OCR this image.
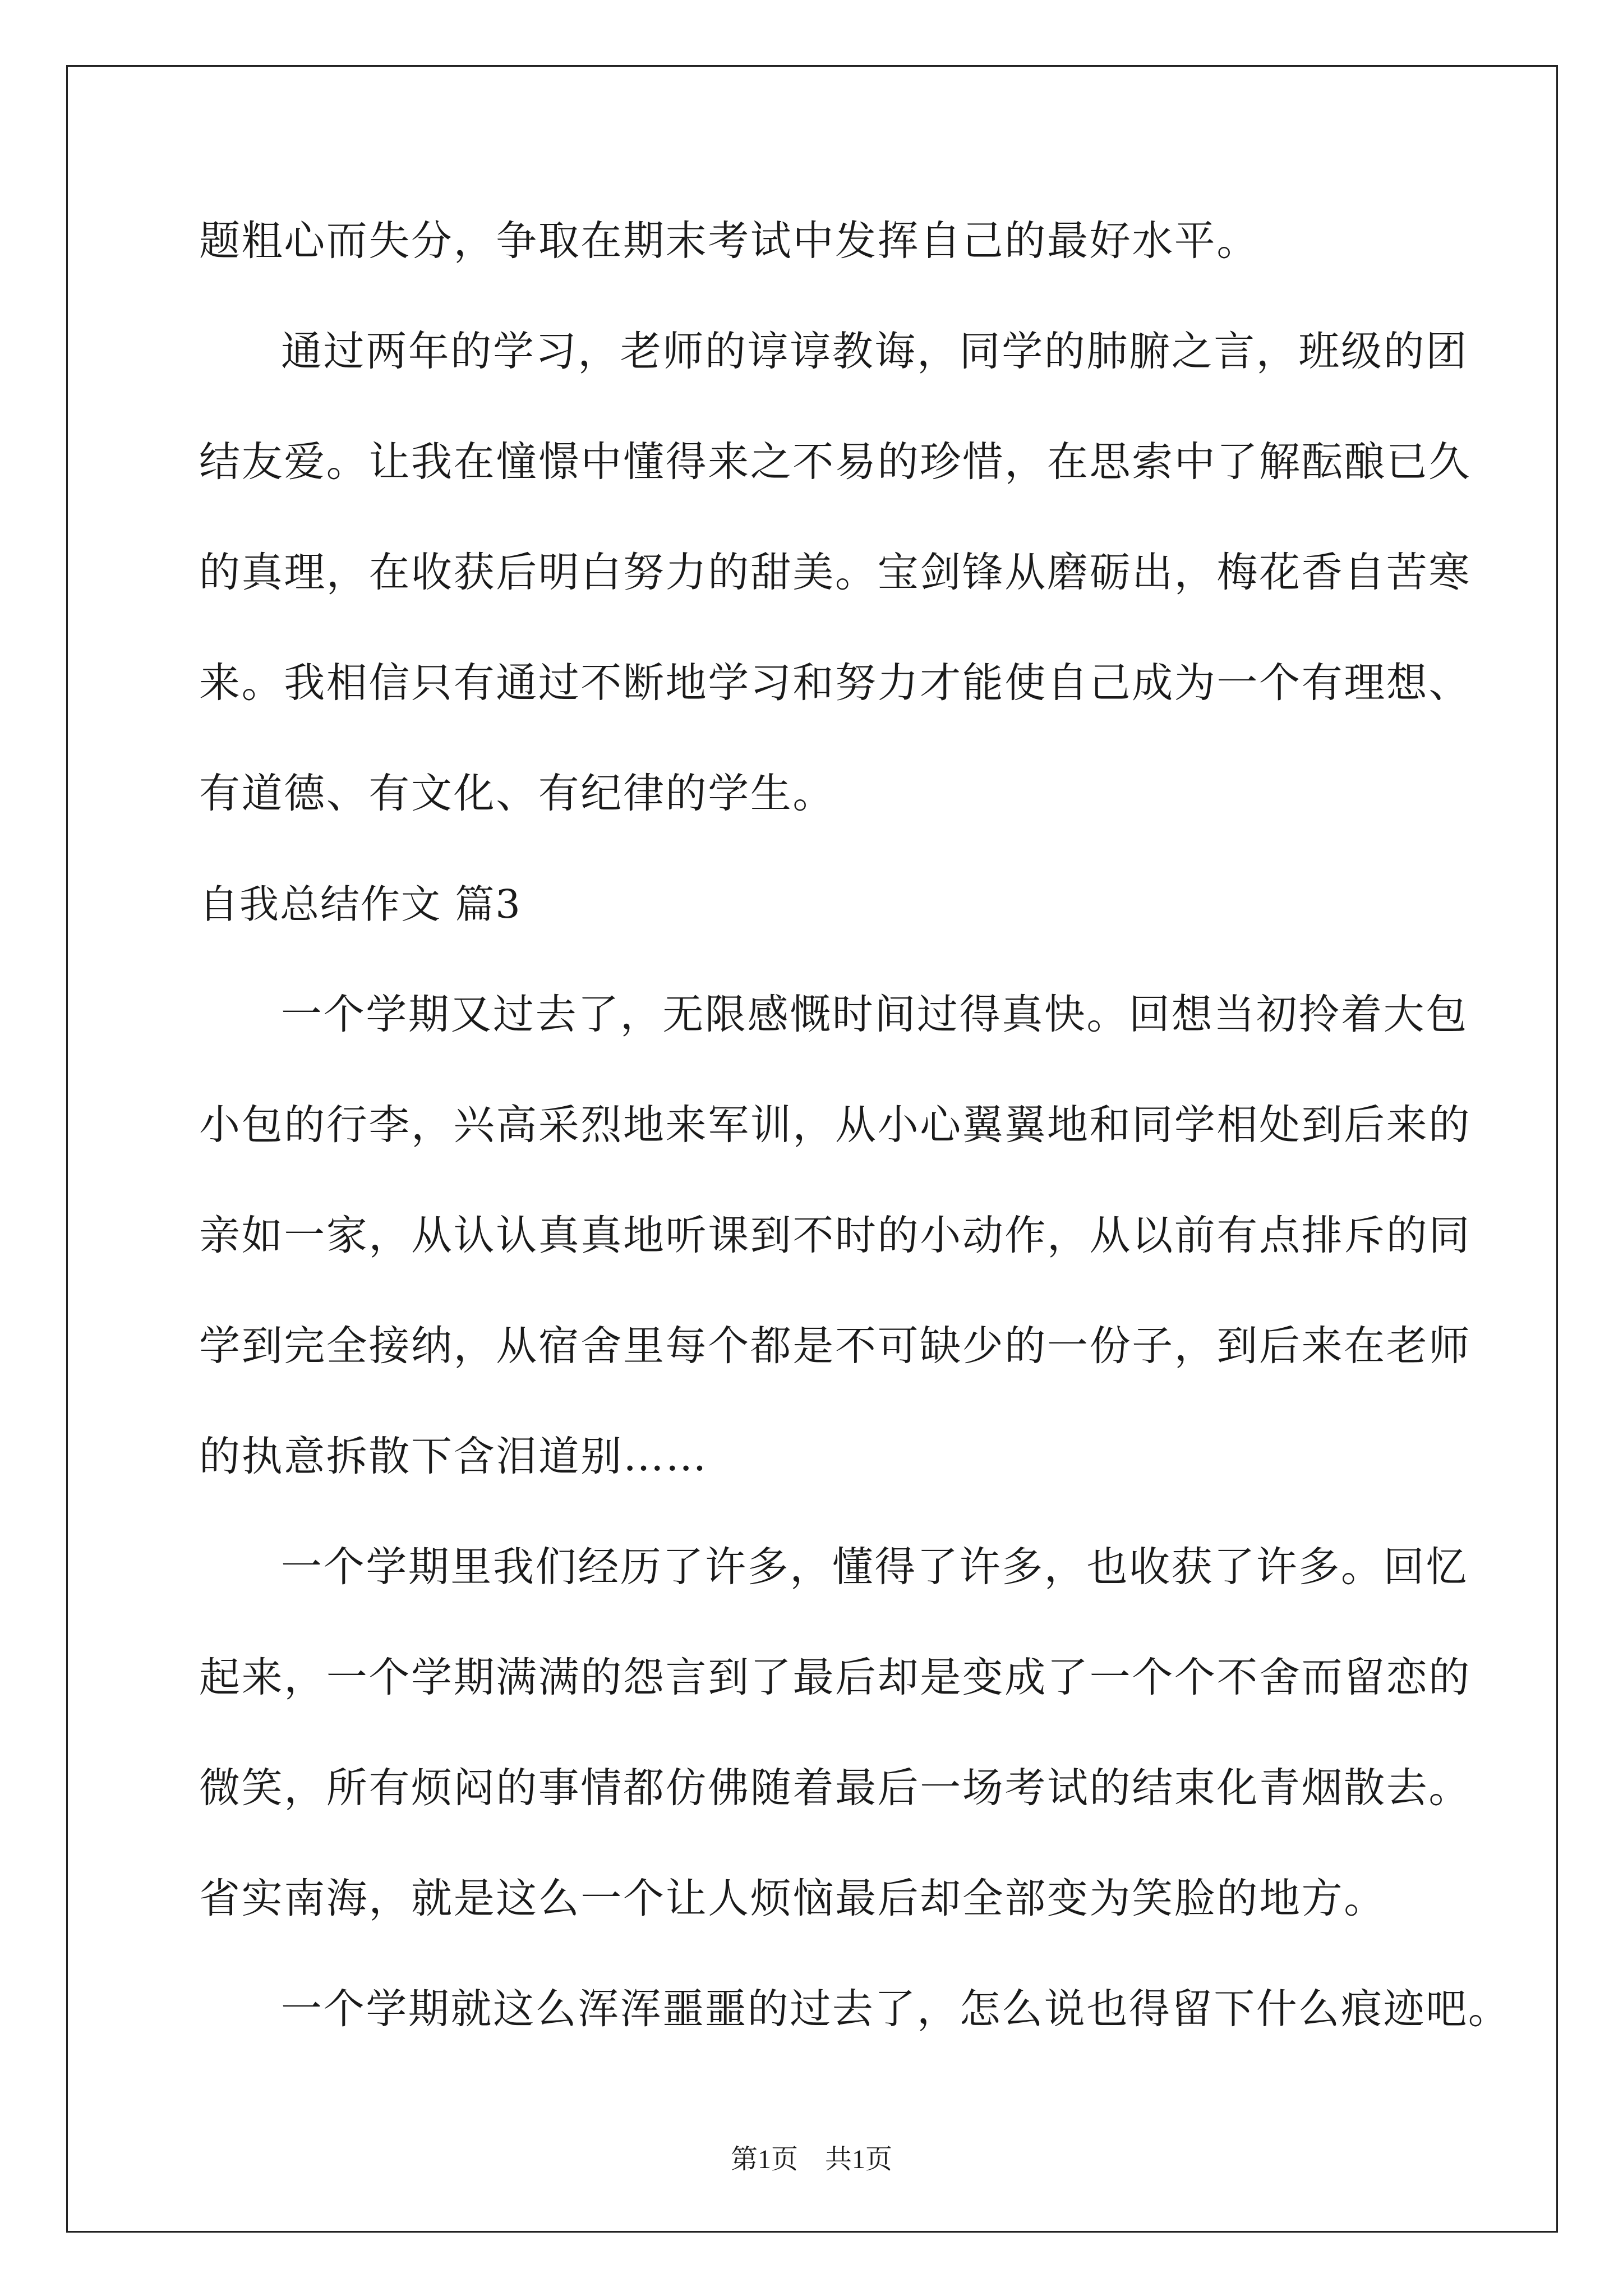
题粗心而失分，争取在期末考试中发挥自己的最好水平。
通过两年的学习，老师的谆谆教诲，同学的肺腑之言，班级的团
结友爱。让我在憧憬中懂得来之不易的珍惜，在思索中了解酝酿已久
的真理，在收获后明白努力的甜美。宝剑锋从磨砺出，梅花香自苦寒
来。我相信只有通过不断地学习和努力才能使自己成为一个有理想、
有道德、有文化、有纪律的学生。
自我总结作文 篇3
一个学期又过去了，无限感慨时间过得真快。回想当初拎着大包
小包的行李，兴高采烈地来军训，从小心翼翼地和同学相处到后来的
亲如一家，从认认真真地听课到不时的小动作，从以前有点排斥的同
学到完全接纳，从宿舍里每个都是不可缺少的一份子，到后来在老师
的执意拆散下含泪道别……
一个学期里我们经历了许多，懂得了许多，也收获了许多。回忆
起来，一个学期满满的怨言到了最后却是变成了一个个不舍而留恋的
微笑，所有烦闷的事情都仿佛随着最后一场考试的结束化青烟散去。
省实南海，就是这么一个让人烦恼最后却全部变为笑脸的地方。
一个学期就这么浑浑噩噩的过去了，怎么说也得留下什么痕迹吧。
第1页　共1页
